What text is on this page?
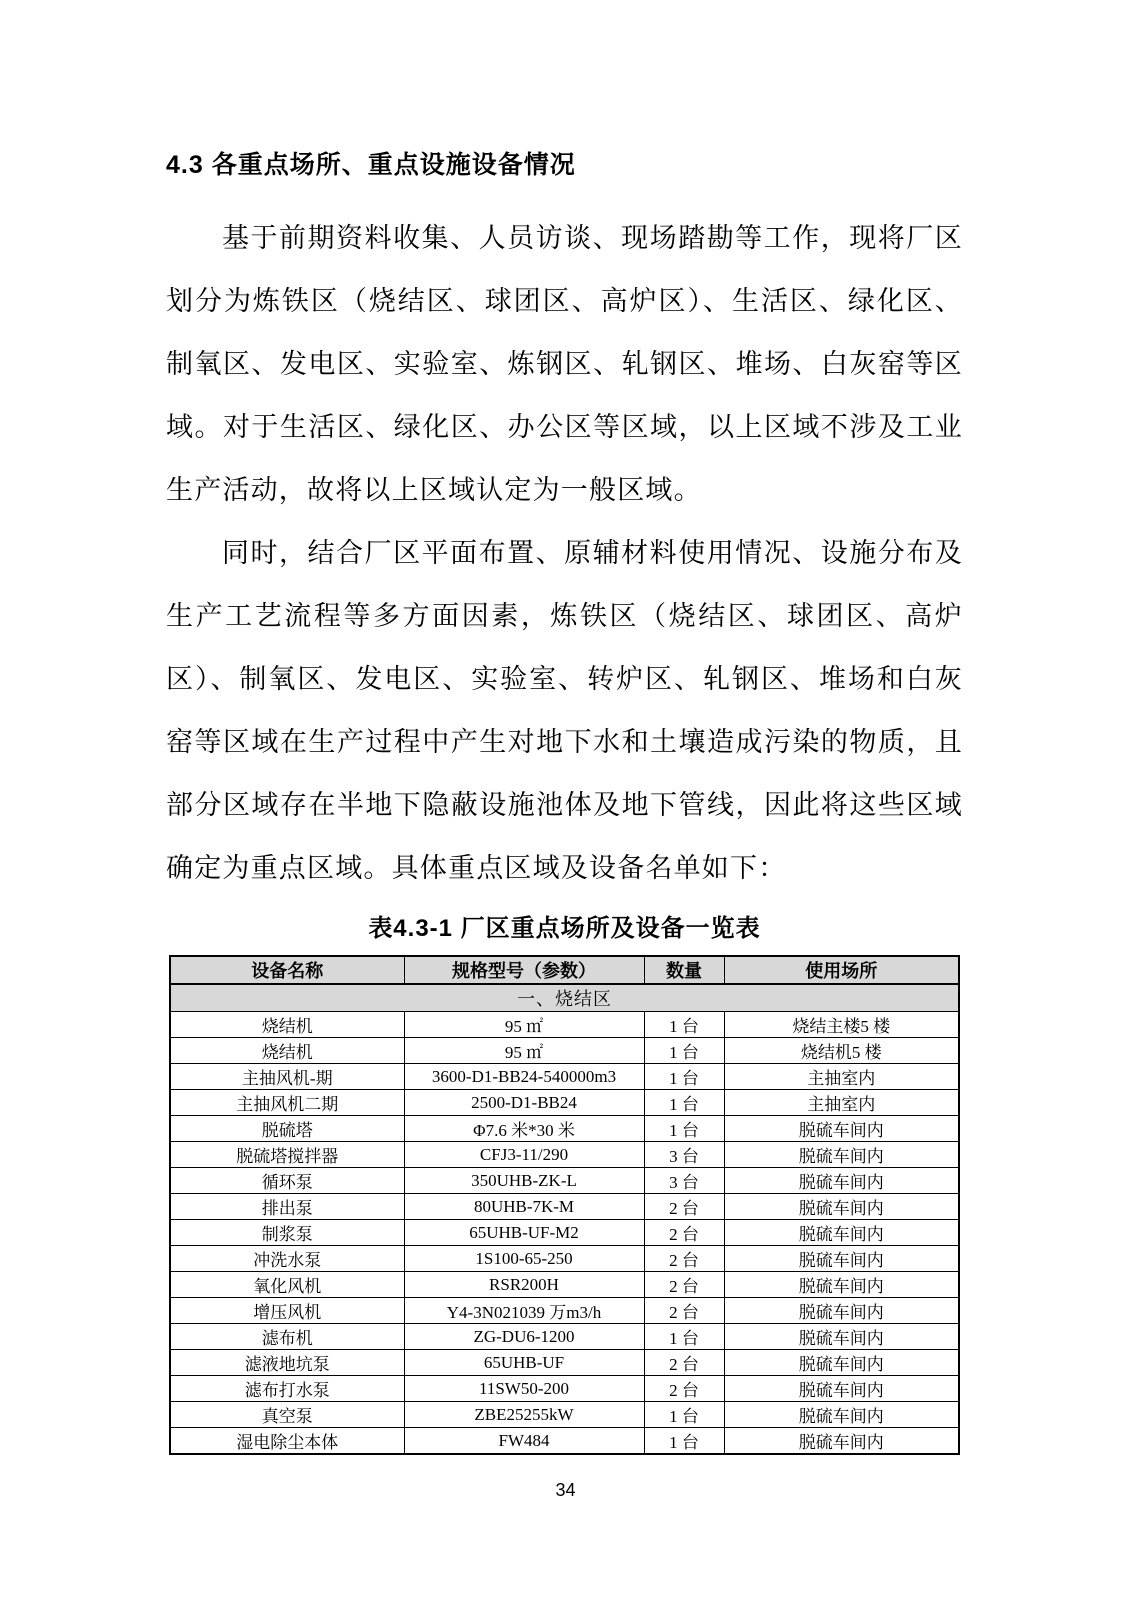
4.3 各重点场所、重点设施设备情况

基于前期资料收集、人员访谈、现场踏勘等工作，现将厂区划分为炼铁区（烧结区、球团区、高炉区）、生活区、绿化区、制氧区、发电区、实验室、炼钢区、轧钢区、堆场、白灰窑等区域。对于生活区、绿化区、办公区等区域，以上区域不涉及工业生产活动，故将以上区域认定为一般区域。

同时，结合厂区平面布置、原辅材料使用情况、设施分布及生产工艺流程等多方面因素，炼铁区（烧结区、球团区、高炉区）、制氧区、发电区、实验室、转炉区、轧钢区、堆场和白灰窑等区域在生产过程中产生对地下水和土壤造成污染的物质，且部分区域存在半地下隐蔽设施池体及地下管线，因此将这些区域确定为重点区域。具体重点区域及设备名单如下：

表4.3-1 厂区重点场所及设备一览表
设备名称	规格型号（参数）	数量	使用场所
一、烧结区			
烧结机	95 ㎡	1 台	烧结主楼5 楼
烧结机	95 ㎡	1 台	烧结机5 楼
主抽风机-期	3600-D1-BB24-540000m3	1 台	主抽室内
主抽风机二期	2500-D1-BB24	1 台	主抽室内
脱硫塔	Φ7.6 米*30 米	1 台	脱硫车间内
脱硫塔搅拌器	CFJ3-11/290	3 台	脱硫车间内
循环泵	350UHB-ZK-L	3 台	脱硫车间内
排出泵	80UHB-7K-M	2 台	脱硫车间内
制浆泵	65UHB-UF-M2	2 台	脱硫车间内
冲洗水泵	1S100-65-250	2 台	脱硫车间内
氧化风机	RSR200H	2 台	脱硫车间内
增压风机	Y4-3N021039 万m3/h	2 台	脱硫车间内
滤布机	ZG-DU6-1200	1 台	脱硫车间内
滤液地坑泵	65UHB-UF	2 台	脱硫车间内
滤布打水泵	11SW50-200	2 台	脱硫车间内
真空泵	ZBE25255kW	1 台	脱硫车间内
湿电除尘本体	FW484	1 台	脱硫车间内
34
